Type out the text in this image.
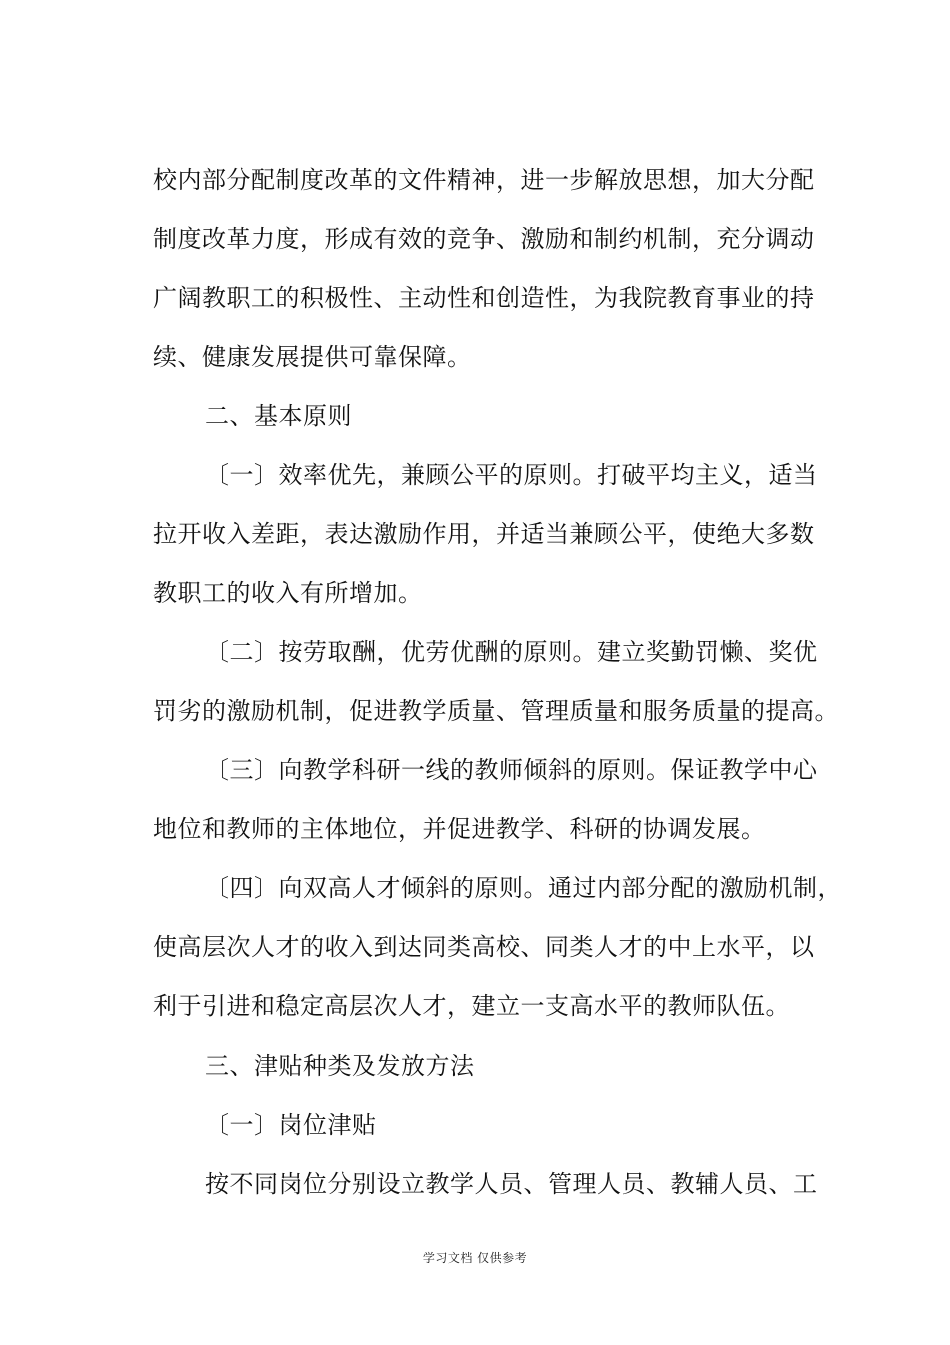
校内部分配制度改革的文件精神，进一步解放思想，加大分配

制度改革力度，形成有效的竞争、激励和制约机制，充分调动

广阔教职工的积极性、主动性和创造性，为我院教育事业的持

续、健康发展提供可靠保障。

二、基本原则

〔一〕效率优先，兼顾公平的原则。打破平均主义，适当

拉开收入差距，表达激励作用，并适当兼顾公平，使绝大多数

教职工的收入有所增加。

〔二〕按劳取酬，优劳优酬的原则。建立奖勤罚懒、奖优

罚劣的激励机制，促进教学质量、管理质量和服务质量的提高。

〔三〕向教学科研一线的教师倾斜的原则。保证教学中心

地位和教师的主体地位，并促进教学、科研的协调发展。

〔四〕向双高人才倾斜的原则。通过内部分配的激励机制，

使高层次人才的收入到达同类高校、同类人才的中上水平，以

利于引进和稳定高层次人才，建立一支高水平的教师队伍。

三、津贴种类及发放方法

〔一〕岗位津贴

按不同岗位分别设立教学人员、管理人员、教辅人员、工

学习文档 仅供参考
